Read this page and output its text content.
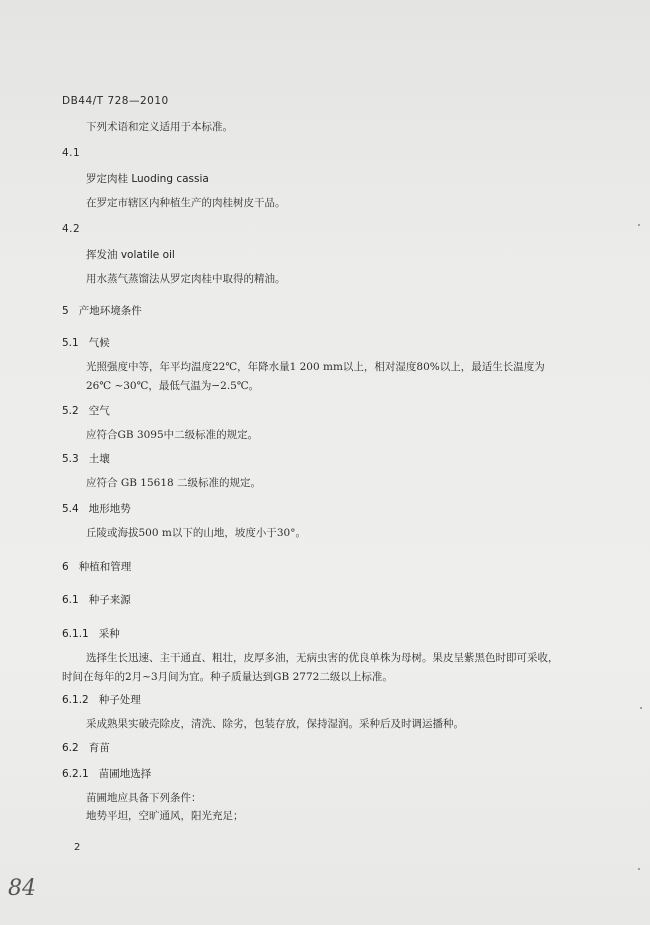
DB44/T 728—2010
下列术语和定义适用于本标准。
4.1
罗定肉桂 Luoding cassia
在罗定市辖区内种植生产的肉桂树皮干品。
4.2
挥发油 volatile oil
用水蒸气蒸馏法从罗定肉桂中取得的精油。
5 产地环境条件
5.1 气候
光照强度中等，年平均温度22℃，年降水量1 200 mm以上，相对湿度80%以上，最适生长温度为26℃ ~30℃，最低气温为−2.5℃。
5.2 空气
应符合GB 3095中二级标准的规定。
5.3 土壤
应符合 GB 15618 二级标准的规定。
5.4 地形地势
丘陵或海拔500 m以下的山地，坡度小于30°。
6 种植和管理
6.1 种子来源
6.1.1 采种
选择生长迅速、主干通直、粗壮，皮厚多油，无病虫害的优良单株为母树。果皮呈紫黑色时即可采收，时间在每年的2月~3月间为宜。种子质量达到GB 2772二级以上标准。
6.1.2 种子处理
采成熟果实破壳除皮，清洗、除劣，包装存放，保持湿润。采种后及时调运播种。
6.2 育苗
6.2.1 苗圃地选择
苗圃地应具备下列条件：
地势平坦，空旷通风，阳光充足；
2
84
